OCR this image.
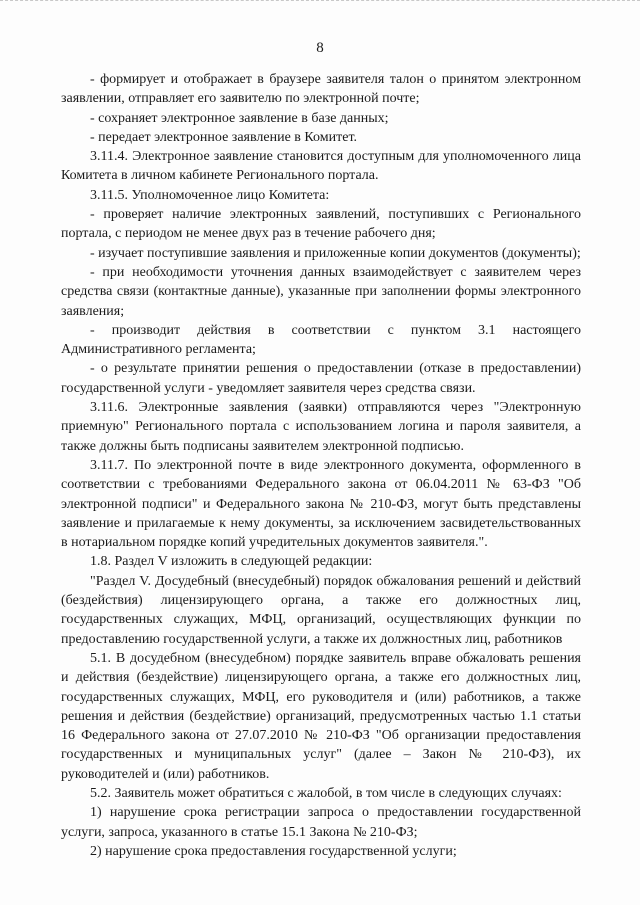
8

- формирует и отображает в браузере заявителя талон о принятом электронном заявлении, отправляет его заявителю по электронной почте;

- сохраняет электронное заявление в базе данных;

- передает электронное заявление в Комитет.

3.11.4. Электронное заявление становится доступным для уполномоченного лица Комитета в личном кабинете Регионального портала.

3.11.5. Уполномоченное лицо Комитета:

- проверяет наличие электронных заявлений, поступивших с Регионального портала, с периодом не менее двух раз в течение рабочего дня;

- изучает поступившие заявления и приложенные копии документов (документы);

- при необходимости уточнения данных взаимодействует с заявителем через средства связи (контактные данные), указанные при заполнении формы электронного заявления;

- производит действия в соответствии с пунктом 3.1 настоящего Административного регламента;

- о результате принятии решения о предоставлении (отказе в предоставлении) государственной услуги - уведомляет заявителя через средства связи.

3.11.6. Электронные заявления (заявки) отправляются через "Электронную приемную" Регионального портала с использованием логина и пароля заявителя, а также должны быть подписаны заявителем электронной подписью.

3.11.7. По электронной почте в виде электронного документа, оформленного в соответствии с требованиями Федерального закона от 06.04.2011 № 63-ФЗ "Об электронной подписи" и Федерального закона № 210-ФЗ, могут быть представлены заявление и прилагаемые к нему документы, за исключением засвидетельствованных в нотариальном порядке копий учредительных документов заявителя.".

1.8. Раздел V изложить в следующей редакции:

"Раздел V. Досудебный (внесудебный) порядок обжалования решений и действий (бездействия) лицензирующего органа, а также его должностных лиц, государственных служащих, МФЦ, организаций, осуществляющих функции по предоставлению государственной услуги, а также их должностных лиц, работников

5.1. В досудебном (внесудебном) порядке заявитель вправе обжаловать решения и действия (бездействие) лицензирующего органа, а также его должностных лиц, государственных служащих, МФЦ, его руководителя и (или) работников, а также решения и действия (бездействие) организаций, предусмотренных частью 1.1 статьи 16 Федерального закона от 27.07.2010 № 210-ФЗ "Об организации предоставления государственных и муниципальных услуг" (далее – Закон № 210-ФЗ), их руководителей и (или) работников.

5.2. Заявитель может обратиться с жалобой, в том числе в следующих случаях:

1) нарушение срока регистрации запроса о предоставлении государственной услуги, запроса, указанного в статье 15.1 Закона № 210-ФЗ;

2) нарушение срока предоставления государственной услуги;
